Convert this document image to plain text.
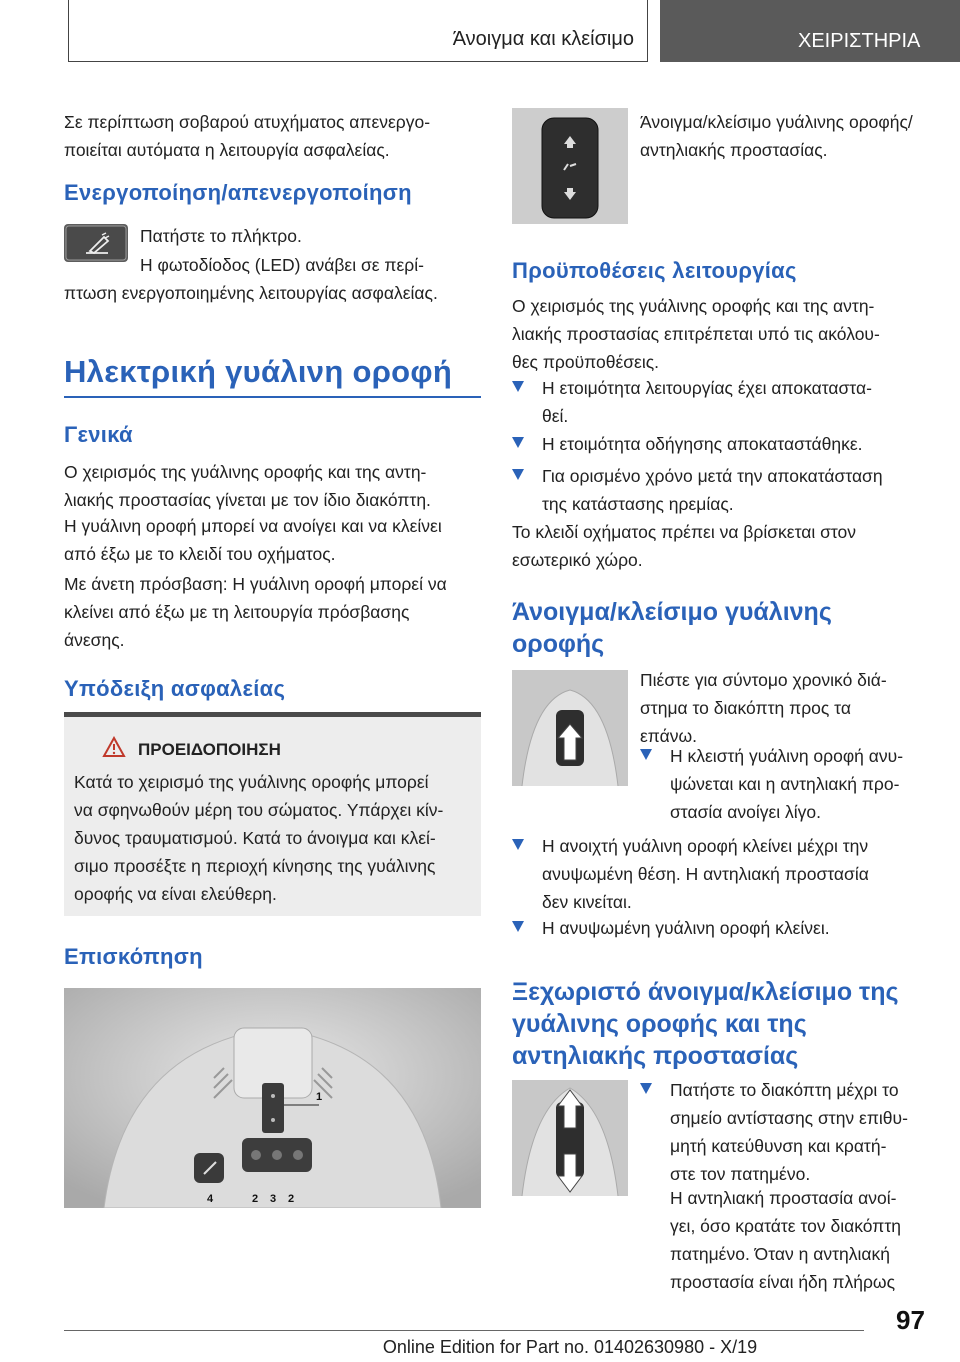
Άνοιγμα και κλείσιμο	ΧΕΙΡΙΣΤΗΡΙΑ
Σε περίπτωση σοβαρού ατυχήματος απενεργο-
ποιείται αυτόματα η λειτουργία ασφαλείας.
Ενεργοποίηση/απενεργοποίηση
Πατήστε το πλήκτρο.
Η φωτοδίοδος (LED) ανάβει σε περί-
πτωση ενεργοποιημένης λειτουργίας ασφαλείας.
Ηλεκτρική γυάλινη οροφή
Γενικά
Ο χειρισμός της γυάλινης οροφής και της αντη-
λιακής προστασίας γίνεται με τον ίδιο διακόπτη.
Η γυάλινη οροφή μπορεί να ανοίγει και να κλείνει
από έξω με το κλειδί του οχήματος.
Με άνετη πρόσβαση: Η γυάλινη οροφή μπορεί να
κλείνει από έξω με τη λειτουργία πρόσβασης
άνεσης.
Υπόδειξη ασφαλείας
ΠΡΟΕΙΔΟΠΟΙΗΣΗ
Κατά το χειρισμό της γυάλινης οροφής μπορεί
να σφηνωθούν μέρη του σώματος. Υπάρχει κίν-
δυνος τραυματισμού. Κατά το άνοιγμα και κλεί-
σιμο προσέξτε η περιοχή κίνησης της γυάλινης
οροφής να είναι ελεύθερη.
Επισκόπηση
1
4	2 3 2
Άνοιγμα/κλείσιμο γυάλινης οροφής/αντηλιακής προστασίας.
Προϋποθέσεις λειτουργίας
Ο χειρισμός της γυάλινης οροφής και της αντη-
λιακής προστασίας επιτρέπεται υπό τις ακόλου-
θες προϋποθέσεις.
Η ετοιμότητα λειτουργίας έχει αποκαταστα-
θεί.
Η ετοιμότητα οδήγησης αποκαταστάθηκε.
Για ορισμένο χρόνο μετά την αποκατάσταση
της κατάστασης ηρεμίας.
Το κλειδί οχήματος πρέπει να βρίσκεται στον
εσωτερικό χώρο.
Άνοιγμα/κλείσιμο γυάλινης
οροφής
Πιέστε για σύντομο χρονικό διά-
στημα το διακόπτη προς τα
επάνω.
Η κλειστή γυάλινη οροφή ανυ-
ψώνεται και η αντηλιακή προ-
στασία ανοίγει λίγο.
Η ανοιχτή γυάλινη οροφή κλείνει μέχρι την
ανυψωμένη θέση. Η αντηλιακή προστασία
δεν κινείται.
Η ανυψωμένη γυάλινη οροφή κλείνει.
Ξεχωριστό άνοιγμα/κλείσιμο της
γυάλινης οροφής και της
αντηλιακής προστασίας
Πατήστε το διακόπτη μέχρι το
σημείο αντίστασης στην επιθυ-
μητή κατεύθυνση και κρατή-
στε τον πατημένο.
Η αντηλιακή προστασία ανοί-
γει, όσο κρατάτε τον διακόπτη
πατημένο. Όταν η αντηλιακή
προστασία είναι ήδη πλήρως
97
Online Edition for Part no. 01402630980 - X/19
